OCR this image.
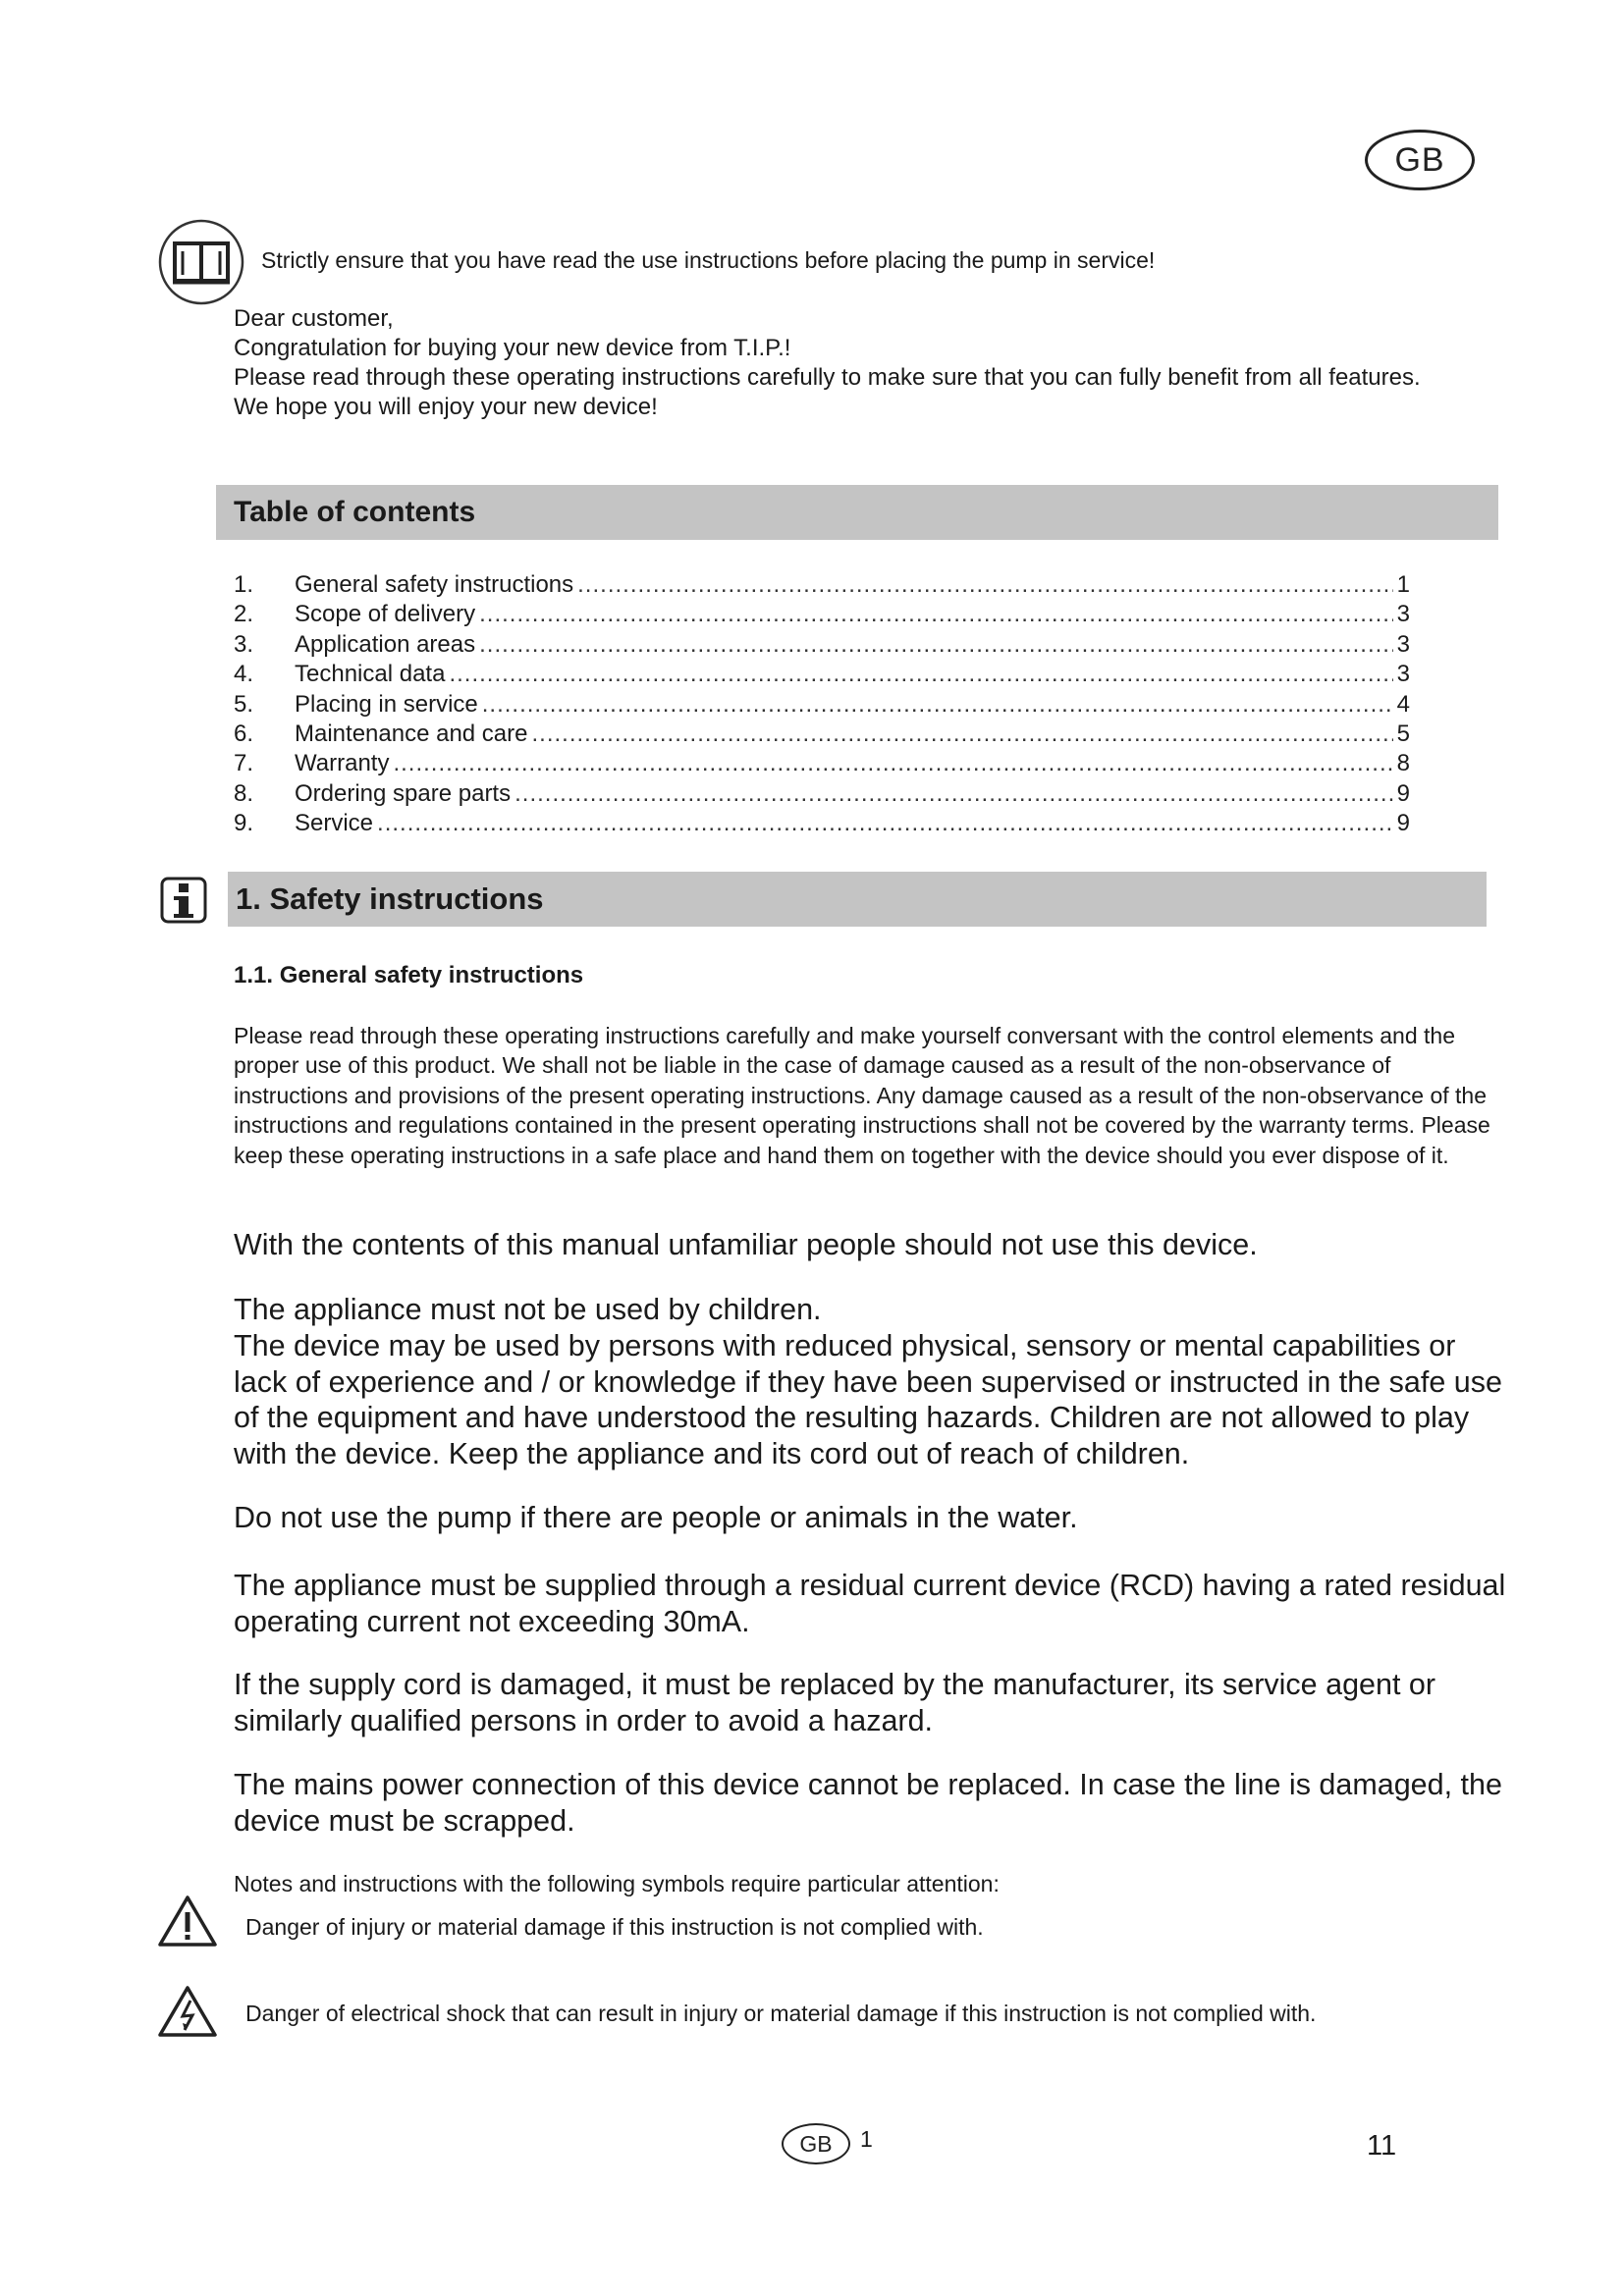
GB
Strictly ensure that you have read the use instructions before placing the pump in service!

Dear customer,

Congratulation for buying your new device from T.I.P.!

Please read through these operating instructions carefully to make sure that you can fully benefit from all features.

We hope you will enjoy your new device!

Table of contents
1.	General safety instructions .....	1
2.	Scope of delivery .....	3
3.	Application areas .....	3
4.	Technical data .....	3
5.	Placing in service .....	4
6.	Maintenance and care .....	5
7.	Warranty .....	8
8.	Ordering spare parts .....	9
9.	Service .....	9
1. Safety instructions
1.1. General safety instructions

Please read through these operating instructions carefully and make yourself conversant with the control elements and the proper use of this product. We shall not be liable in the case of damage caused as a result of the non-observance of instructions and provisions of the present operating instructions. Any damage caused as a result of the non-observance of the instructions and regulations contained in the present operating instructions shall not be covered by the warranty terms. Please keep these operating instructions in a safe place and hand them on together with the device should you ever dispose of it.

With the contents of this manual unfamiliar people should not use this device.

The appliance must not be used by children.

The device may be used by persons with reduced physical, sensory or mental capabilities or lack of experience and / or knowledge if they have been supervised or instructed in the safe use of the equipment and have understood the resulting hazards. Children are not allowed to play with the device. Keep the appliance and its cord out of reach of children.

Do not use the pump if there are people or animals in the water.

The appliance must be supplied through a residual current device (RCD) having a rated residual operating current not exceeding 30mA.

If the supply cord is damaged, it must be replaced by the manufacturer, its service agent or similarly qualified persons in order to avoid a hazard.

The mains power connection of this device cannot be replaced. In case the line is damaged, the device must be scrapped.

Notes and instructions with the following symbols require particular attention:
Danger of injury or material damage if this instruction is not complied with.
Danger of electrical shock that can result in injury or material damage if this instruction is not complied with.
GB	1	11
